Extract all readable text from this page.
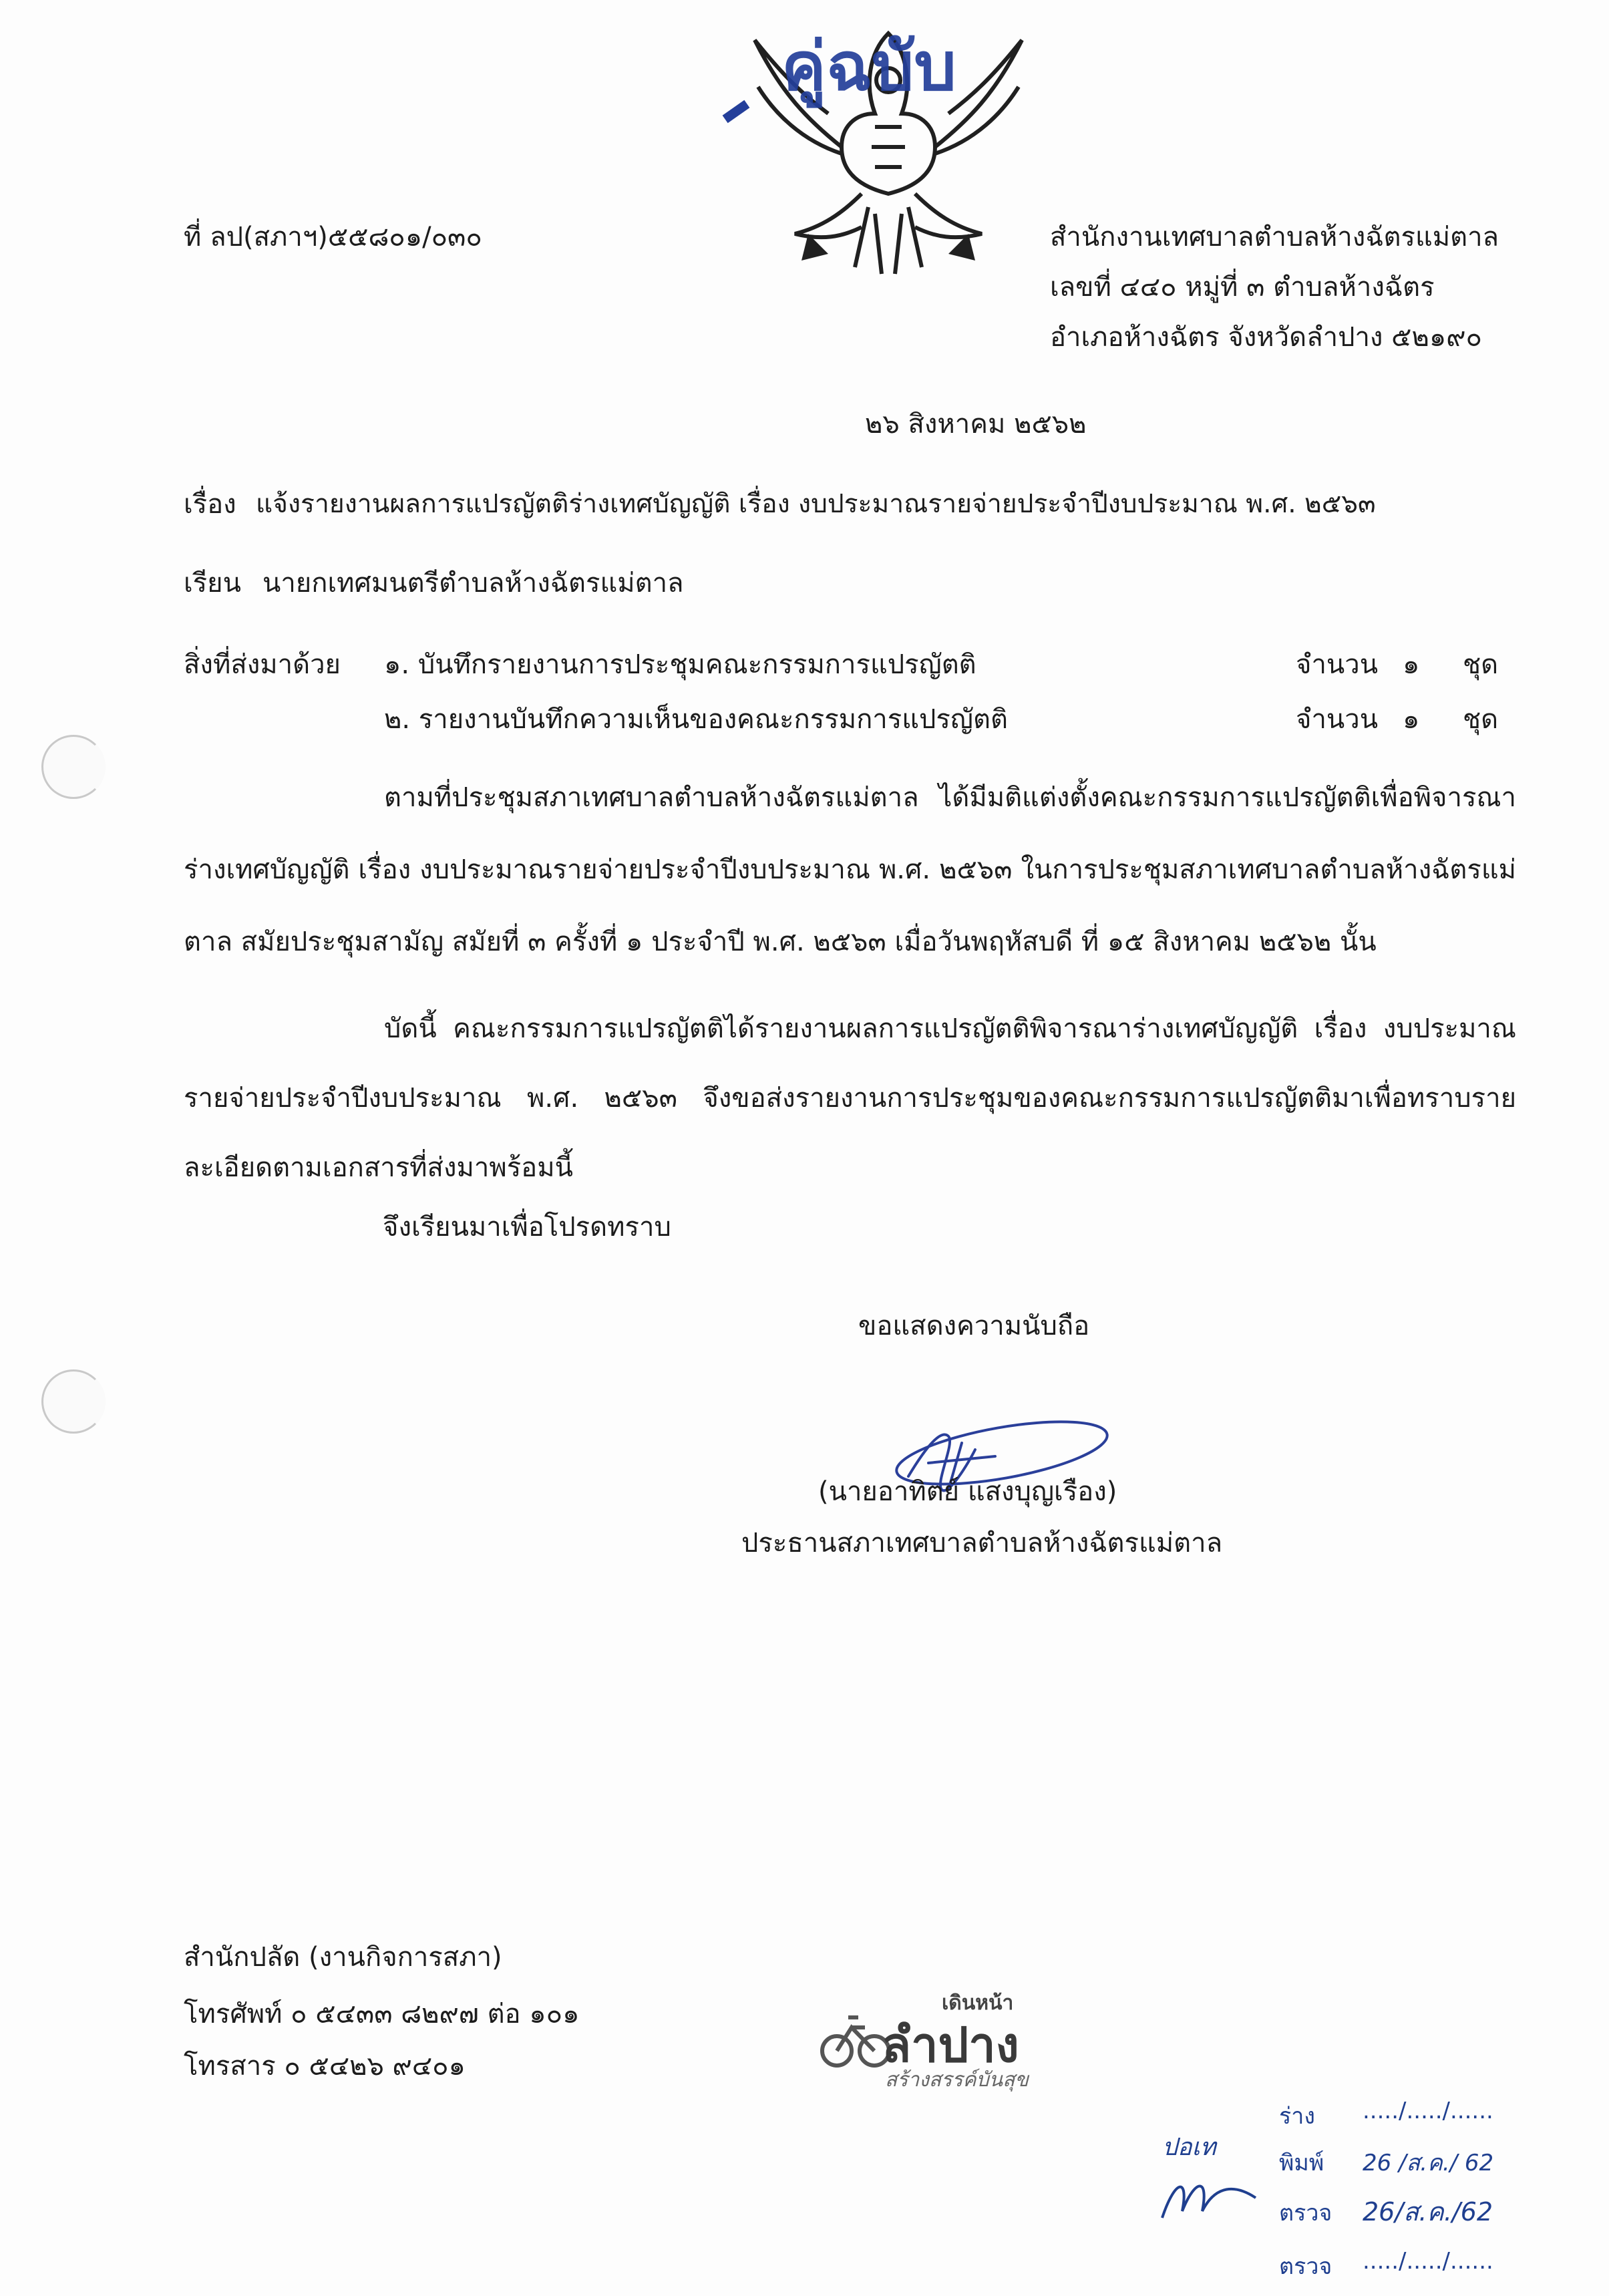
คู่ฉบับ
ที่ ลป(สภาฯ)๕๕๘๐๑/๐๓๐	สำนักงานเทศบาลตำบลห้างฉัตรแม่ตาล
เลขที่ ๔๔๐ หมู่ที่ ๓ ตำบลห้างฉัตร
อำเภอห้างฉัตร จังหวัดลำปาง ๕๒๑๙๐
๒๖ สิงหาคม ๒๕๖๒
เรื่อง แจ้งรายงานผลการแปรญัตติร่างเทศบัญญัติ เรื่อง งบประมาณรายจ่ายประจำปีงบประมาณ พ.ศ. ๒๕๖๓
เรียน นายกเทศมนตรีตำบลห้างฉัตรแม่ตาล
สิ่งที่ส่งมาด้วย ๑. บันทึกรายงานการประชุมคณะกรรมการแปรญัตติ	จำนวน ๑ ชุด
๒. รายงานบันทึกความเห็นของคณะกรรมการแปรญัตติ	จำนวน ๑ ชุด
ตามที่ประชุมสภาเทศบาลตำบลห้างฉัตรแม่ตาล ได้มีมติแต่งตั้งคณะกรรมการแปรญัตติเพื่อพิจารณาร่างเทศบัญญัติ เรื่อง งบประมาณรายจ่ายประจำปีงบประมาณ พ.ศ. ๒๕๖๓ ในการประชุมสภาเทศบาลตำบลห้างฉัตรแม่ตาล สมัยประชุมสามัญ สมัยที่ ๓ ครั้งที่ ๑ ประจำปี พ.ศ. ๒๕๖๓ เมื่อวันพฤหัสบดี ที่ ๑๕ สิงหาคม ๒๕๖๒ นั้น
บัดนี้ คณะกรรมการแปรญัตติได้รายงานผลการแปรญัตติพิจารณาร่างเทศบัญญัติ เรื่อง งบประมาณรายจ่ายประจำปีงบประมาณ พ.ศ. ๒๕๖๓ จึงขอส่งรายงานการประชุมของคณะกรรมการแปรญัตติมาเพื่อทราบรายละเอียดตามเอกสารที่ส่งมาพร้อมนี้
จึงเรียนมาเพื่อโปรดทราบ
ขอแสดงความนับถือ
(นายอาทิตย์ แสงบุญเรือง)
ประธานสภาเทศบาลตำบลห้างฉัตรแม่ตาล
สำนักปลัด (งานกิจการสภา)
โทรศัพท์ ๐ ๕๔๓๓ ๘๒๙๗ ต่อ ๑๐๑
โทรสาร ๐ ๕๔๒๖ ๙๔๐๑
เดินหน้า
ลำปาง
สร้างสรรค์บันสุข
ปอเท
ร่าง ...../...../......
พิมพ์ 26 /ส.ค./ 62
ตรวจ 26/ส.ค./62
ตรวจ ...../...../......
